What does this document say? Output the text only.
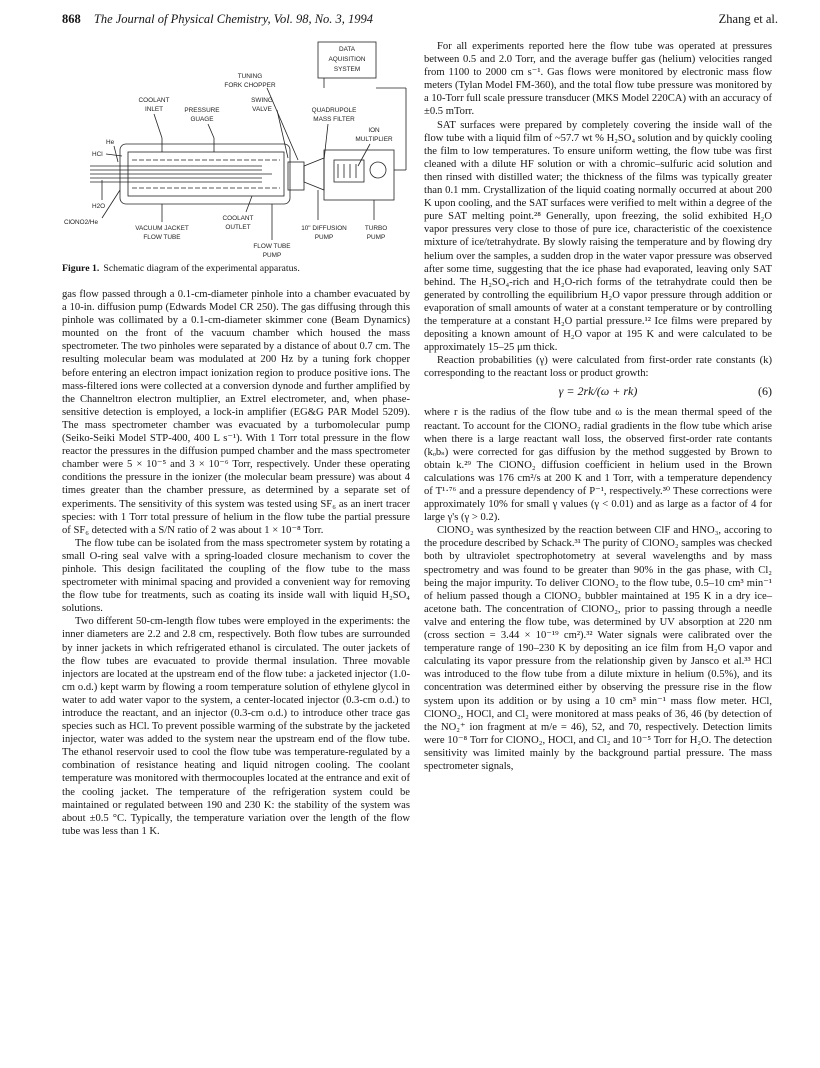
868 The Journal of Physical Chemistry, Vol. 98, No. 3, 1994	Zhang et al.
DATA
AQUISITION
SYSTEM
TUNING
FORK CHOPPER
SWING
VALVE
COOLANT
INLET	PRESSURE
GUAGE
QUADRUPOLE
MASS FILTER
ION
MULTIPLIER
HCl
He
H2O
ClONO2/He
VACUUM JACKET
FLOW TUBE
COOLANT
OUTLET
FLOW TUBE
PUMP
10" DIFFUSION
PUMP
TURBO
PUMP
Figure 1. Schematic diagram of the experimental apparatus.

gas flow passed through a 0.1-cm-diameter pinhole into a chamber evacuated by a 10-in. diffusion pump (Edwards Model CR 250). The gas diffusing through this pinhole was collimated by a 0.1-cm-diameter skimmer cone (Beam Dynamics) mounted on the front of the vacuum chamber which housed the mass spectrometer. The two pinholes were separated by a distance of about 0.7 cm. The resulting molecular beam was modulated at 200 Hz by a tuning fork chopper before entering an electron impact ionization region to produce positive ions. The mass-filtered ions were collected at a conversion dynode and further amplified by the Channeltron electron multiplier, an Extrel electrometer, and, when phase-sensitive detection is employed, a lock-in amplifier (EG&G PAR Model 5209). The mass spectrometer chamber was evacuated by a turbomolecular pump (Seiko-Seiki Model STP-400, 400 L s⁻¹). With 1 Torr total pressure in the flow reactor the pressures in the diffusion pumped chamber and the mass spectrometer chamber were 5 × 10⁻⁵ and 3 × 10⁻⁶ Torr, respectively. Under these operating conditions the pressure in the ionizer (the molecular beam pressure) was about 4 times greater than the chamber pressure, as determined by a separate set of experiments. The sensitivity of this system was tested using SF₆ as an inert tracer species: with 1 Torr total pressure of helium in the flow tube the partial pressure of SF₆ detected with a S/N ratio of 2 was about 1 × 10⁻⁸ Torr.

The flow tube can be isolated from the mass spectrometer system by rotating a small O-ring seal valve with a spring-loaded closure mechanism to cover the pinhole. This design facilitated the coupling of the flow tube to the mass spectrometer with minimal spacing and provided a convenient way for removing the flow tube for treatments, such as coating its inside wall with liquid H₂SO₄ solutions.

Two different 50-cm-length flow tubes were employed in the experiments: the inner diameters are 2.2 and 2.8 cm, respectively. Both flow tubes are surrounded by inner jackets in which refrigerated ethanol is circulated. The outer jackets of the flow tubes are evacuated to provide thermal insulation. Three movable injectors are located at the upstream end of the flow tube: a jacketed injector (1.0-cm o.d.) kept warm by flowing a room temperature solution of ethylene glycol in water to add water vapor to the system, a center-located injector (0.3-cm o.d.) to introduce the reactant, and an injector (0.3-cm o.d.) to introduce other trace gas species such as HCl. To prevent possible warming of the substrate by the jacketed injector, water was added to the system near the upstream end of the flow tube. The ethanol reservoir used to cool the flow tube was temperature-regulated by a combination of resistance heating and liquid nitrogen cooling. The coolant temperature was monitored with thermocouples located at the entrance and exit of the cooling jacket. The temperature of the refrigeration system could be maintained or regulated between 190 and 230 K: the stability of the system was about ±0.5 °C. Typically, the temperature variation over the length of the flow tube was less than 1 K.

For all experiments reported here the flow tube was operated at pressures between 0.5 and 2.0 Torr, and the average buffer gas (helium) velocities ranged from 1100 to 2000 cm s⁻¹. Gas flows were monitored by electronic mass flow meters (Tylan Model FM-360), and the total flow tube pressure was monitored by a 10-Torr full scale pressure transducer (MKS Model 220CA) with an accuracy of ±0.5 mTorr.

SAT surfaces were prepared by completely covering the inside wall of the flow tube with a liquid film of ~57.7 wt % H₂SO₄ solution and by quickly cooling the film to low temperatures. To ensure uniform wetting, the flow tube was first cleaned with a dilute HF solution or with a chromic–sulfuric acid solution and then rinsed with distilled water; the thickness of the films was typically greater than 0.1 mm. Crystallization of the liquid coating normally occurred at about 200 K upon cooling, and the SAT surfaces were verified to melt within a degree of the pure SAT melting point.²⁸ Generally, upon freezing, the solid exhibited H₂O vapor pressures very close to those of pure ice, characteristic of the coexistence mixture of ice/tetrahydrate. By slowly raising the temperature and by flowing dry helium over the samples, a sudden drop in the water vapor pressure was observed after some time, suggesting that the ice phase had evaporated, leaving only SAT behind. The H₂SO₄-rich and H₂O-rich forms of the tetrahydrate could then be generated by controlling the equilibrium H₂O vapor pressure through addition or evaporation of small amounts of water at a constant temperature or by controlling the temperature at a constant H₂O partial pressure.¹² Ice films were prepared by depositing a known amount of H₂O vapor at 195 K and were calculated to be approximately 15–25 μm thick.

Reaction probabilities (γ) were calculated from first-order rate constants (k) corresponding to the reactant loss or product growth:

γ = 2rk/(ω + rk)	(6)

where r is the radius of the flow tube and ω is the mean thermal speed of the reactant. To account for the ClONO₂ radial gradients in the flow tube which arise when there is a large reactant wall loss, the observed first-order rate contants (kₒbₛ) were corrected for gas diffusion by the method suggested by Brown to obtain k.²⁹ The ClONO₂ diffusion coefficient in helium used in the Brown calculations was 176 cm²/s at 200 K and 1 Torr, with a temperature dependency of T¹·⁷⁶ and a pressure dependency of P⁻¹, respectively.³⁰ These corrections were approximately 10% for small γ values (γ < 0.01) and as large as a factor of 4 for large γ's (γ > 0.2).

ClONO₂ was synthesized by the reaction between ClF and HNO₃, accoring to the procedure described by Schack.³¹ The purity of ClONO₂ samples was checked both by ultraviolet spectrophotometry at several wavelengths and by mass spectrometry and was found to be greater than 90% in the gas phase, with Cl₂ being the major impurity. To deliver ClONO₂ to the flow tube, 0.5–10 cm³ min⁻¹ of helium passed though a ClONO₂ bubbler maintained at 195 K in a dry ice–acetone bath. The concentration of ClONO₂, prior to passing through a needle valve and entering the flow tube, was determined by UV absorption at 220 nm (cross section = 3.44 × 10⁻¹⁹ cm²).³² Water signals were calibrated over the temperature range of 190–230 K by depositing an ice film from H₂O vapor and calculating its vapor pressure from the relationship given by Jansco et al.³³ HCl was introduced to the flow tube from a dilute mixture in helium (0.5%), and its concentration was determined either by observing the pressure rise in the flow system upon its addition or by using a 10 cm³ min⁻¹ mass flow meter. HCl, ClONO₂, HOCl, and Cl₂ were monitored at mass peaks of 36, 46 (by detection of the NO₂⁺ ion fragment at m/e = 46), 52, and 70, respectively. Detection limits were 10⁻⁸ Torr for ClONO₂, HOCl, and Cl₂ and 10⁻⁵ Torr for H₂O. The detection sensitivity was limited mainly by the background partial pressure. The mass spectrometer signals,
